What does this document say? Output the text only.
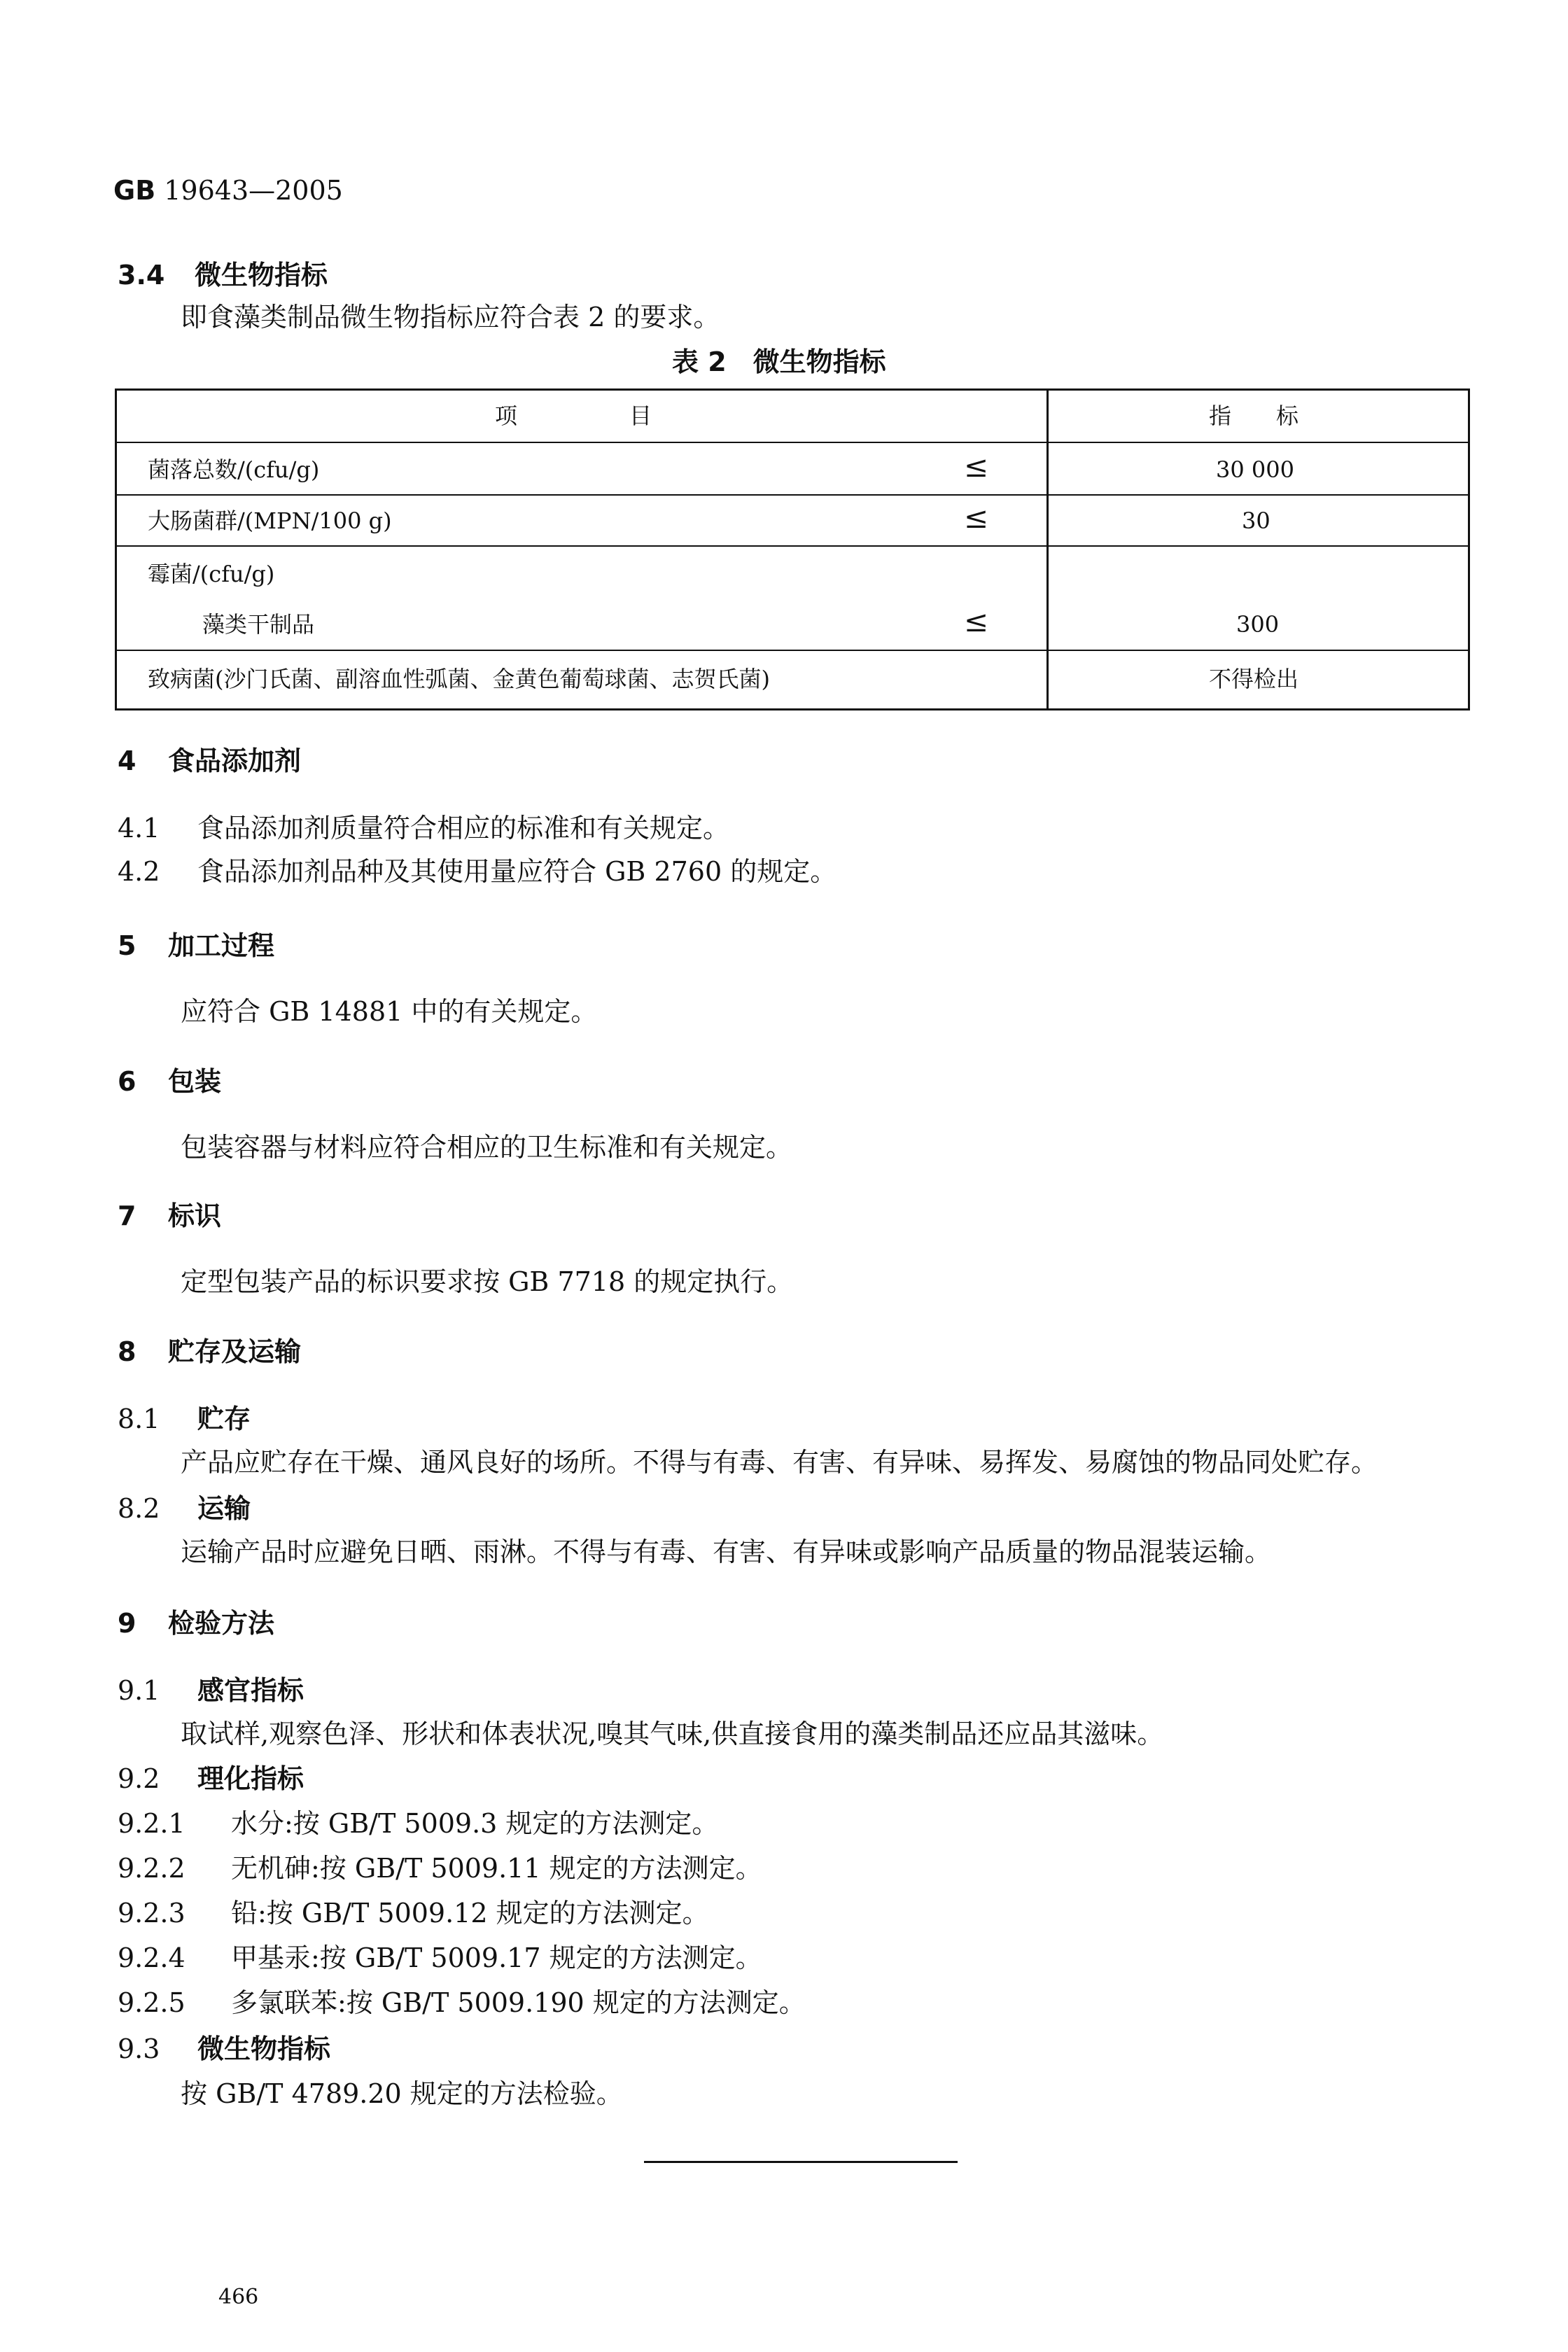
GB 19643—2005
3.4 微生物指标
即食藻类制品微生物指标应符合表 2 的要求。
表 2　微生物指标
项　　　　　目	指　　标
菌落总数/(cfu/g)	≤	30 000
大肠菌群/(MPN/100 g)	≤	30
霉菌/(cfu/g)
藻类干制品	≤	300
致病菌(沙门氏菌、副溶血性弧菌、金黄色葡萄球菌、志贺氏菌)	不得检出
4 食品添加剂
4.1 食品添加剂质量符合相应的标准和有关规定。
4.2 食品添加剂品种及其使用量应符合 GB 2760 的规定。
5 加工过程
应符合 GB 14881 中的有关规定。
6 包装
包装容器与材料应符合相应的卫生标准和有关规定。
7 标识
定型包装产品的标识要求按 GB 7718 的规定执行。
8 贮存及运输
8.1 贮存
产品应贮存在干燥、通风良好的场所。不得与有毒、有害、有异味、易挥发、易腐蚀的物品同处贮存。
8.2 运输
运输产品时应避免日晒、雨淋。不得与有毒、有害、有异味或影响产品质量的物品混装运输。
9 检验方法
9.1 感官指标
取试样,观察色泽、形状和体表状况,嗅其气味,供直接食用的藻类制品还应品其滋味。
9.2 理化指标
9.2.1 水分:按 GB/T 5009.3 规定的方法测定。
9.2.2 无机砷:按 GB/T 5009.11 规定的方法测定。
9.2.3 铅:按 GB/T 5009.12 规定的方法测定。
9.2.4 甲基汞:按 GB/T 5009.17 规定的方法测定。
9.2.5 多氯联苯:按 GB/T 5009.190 规定的方法测定。
9.3 微生物指标
按 GB/T 4789.20 规定的方法检验。
466
